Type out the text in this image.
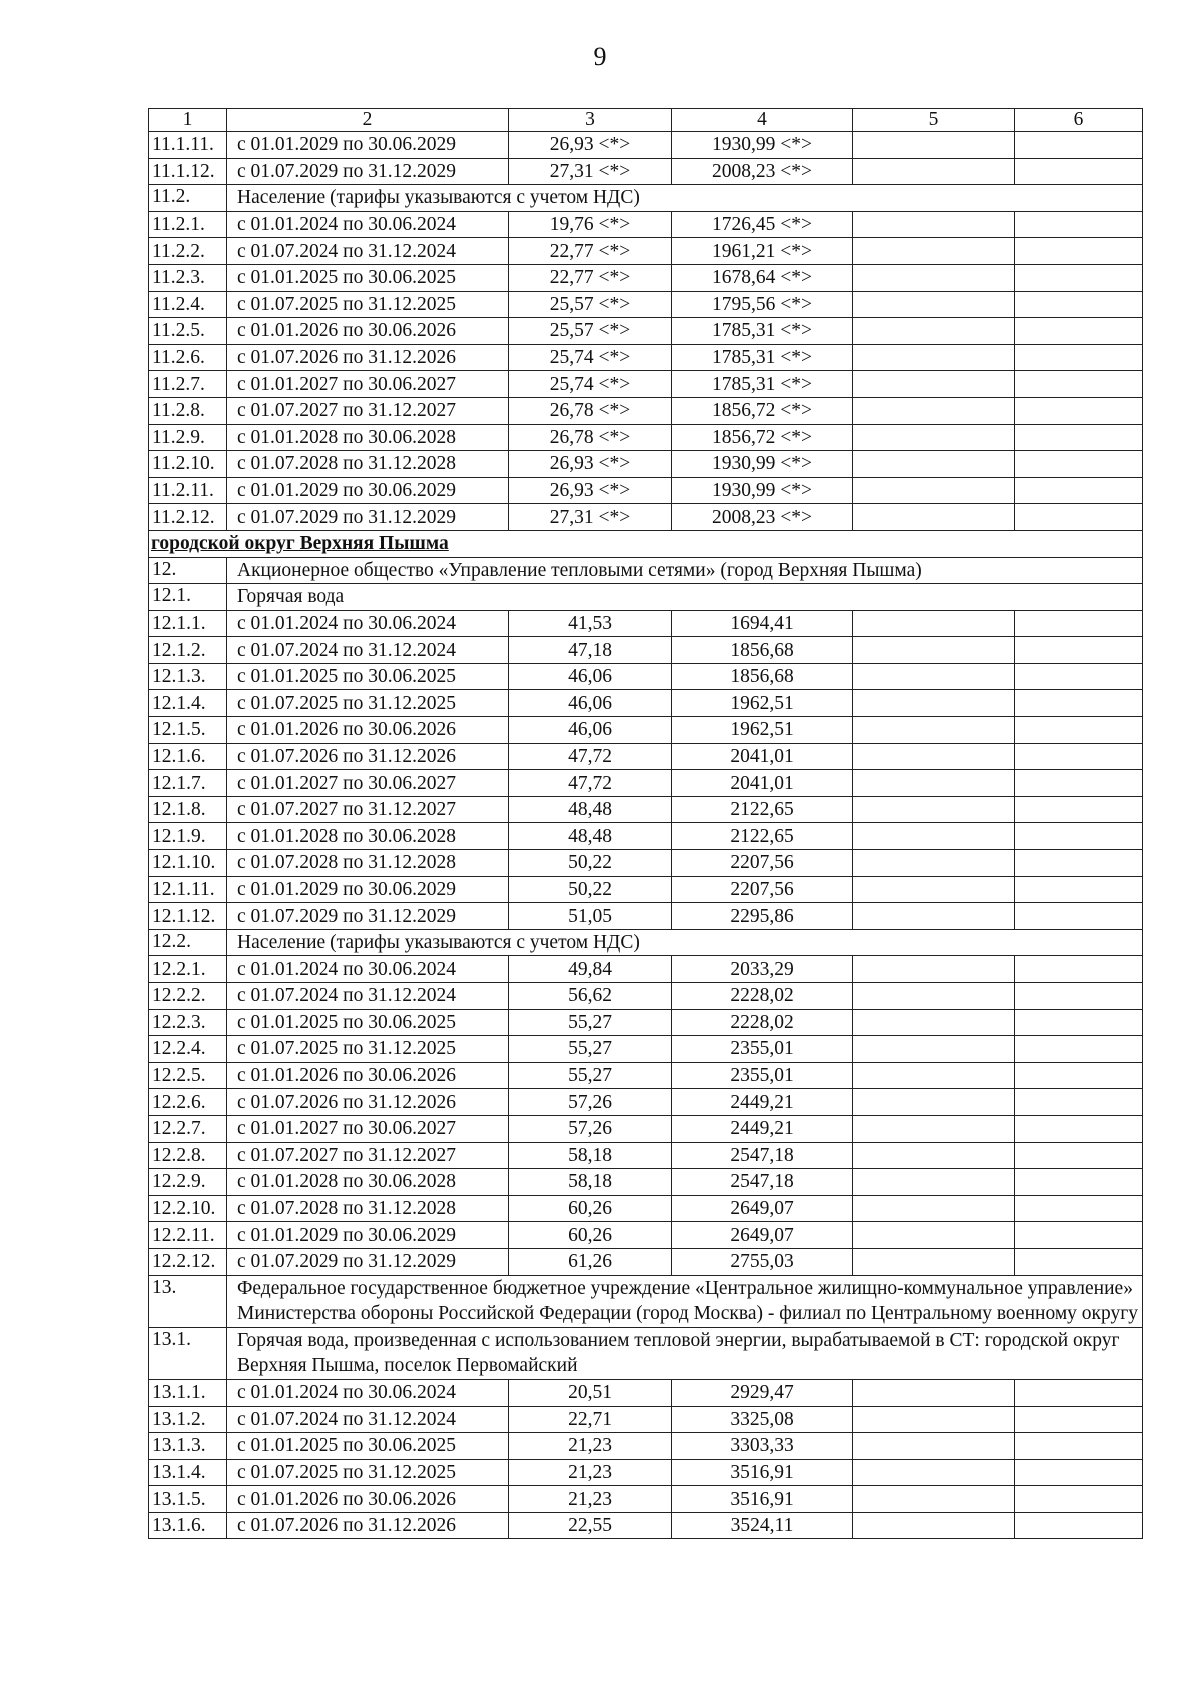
9
1	2	3	4	5	6
11.1.11.	с 01.01.2029 по 30.06.2029	26,93 <*>	1930,99 <*>		
11.1.12.	с 01.07.2029 по 31.12.2029	27,31 <*>	2008,23 <*>		
11.2.	Население (тарифы указываются с учетом НДС)				
11.2.1.	с 01.01.2024 по 30.06.2024	19,76 <*>	1726,45 <*>		
11.2.2.	с 01.07.2024 по 31.12.2024	22,77 <*>	1961,21 <*>		
11.2.3.	с 01.01.2025 по 30.06.2025	22,77 <*>	1678,64 <*>		
11.2.4.	с 01.07.2025 по 31.12.2025	25,57 <*>	1795,56 <*>		
11.2.5.	с 01.01.2026 по 30.06.2026	25,57 <*>	1785,31 <*>		
11.2.6.	с 01.07.2026 по 31.12.2026	25,74 <*>	1785,31 <*>		
11.2.7.	с 01.01.2027 по 30.06.2027	25,74 <*>	1785,31 <*>		
11.2.8.	с 01.07.2027 по 31.12.2027	26,78 <*>	1856,72 <*>		
11.2.9.	с 01.01.2028 по 30.06.2028	26,78 <*>	1856,72 <*>		
11.2.10.	с 01.07.2028 по 31.12.2028	26,93 <*>	1930,99 <*>		
11.2.11.	с 01.01.2029 по 30.06.2029	26,93 <*>	1930,99 <*>		
11.2.12.	с 01.07.2029 по 31.12.2029	27,31 <*>	2008,23 <*>		
городской округ Верхняя Пышма					
12.	Акционерное общество «Управление тепловыми сетями» (город Верхняя Пышма)				
12.1.	Горячая вода				
12.1.1.	с 01.01.2024 по 30.06.2024	41,53	1694,41		
12.1.2.	с 01.07.2024 по 31.12.2024	47,18	1856,68		
12.1.3.	с 01.01.2025 по 30.06.2025	46,06	1856,68		
12.1.4.	с 01.07.2025 по 31.12.2025	46,06	1962,51		
12.1.5.	с 01.01.2026 по 30.06.2026	46,06	1962,51		
12.1.6.	с 01.07.2026 по 31.12.2026	47,72	2041,01		
12.1.7.	с 01.01.2027 по 30.06.2027	47,72	2041,01		
12.1.8.	с 01.07.2027 по 31.12.2027	48,48	2122,65		
12.1.9.	с 01.01.2028 по 30.06.2028	48,48	2122,65		
12.1.10.	с 01.07.2028 по 31.12.2028	50,22	2207,56		
12.1.11.	с 01.01.2029 по 30.06.2029	50,22	2207,56		
12.1.12.	с 01.07.2029 по 31.12.2029	51,05	2295,86		
12.2.	Население (тарифы указываются с учетом НДС)				
12.2.1.	с 01.01.2024 по 30.06.2024	49,84	2033,29		
12.2.2.	с 01.07.2024 по 31.12.2024	56,62	2228,02		
12.2.3.	с 01.01.2025 по 30.06.2025	55,27	2228,02		
12.2.4.	с 01.07.2025 по 31.12.2025	55,27	2355,01		
12.2.5.	с 01.01.2026 по 30.06.2026	55,27	2355,01		
12.2.6.	с 01.07.2026 по 31.12.2026	57,26	2449,21		
12.2.7.	с 01.01.2027 по 30.06.2027	57,26	2449,21		
12.2.8.	с 01.07.2027 по 31.12.2027	58,18	2547,18		
12.2.9.	с 01.01.2028 по 30.06.2028	58,18	2547,18		
12.2.10.	с 01.07.2028 по 31.12.2028	60,26	2649,07		
12.2.11.	с 01.01.2029 по 30.06.2029	60,26	2649,07		
12.2.12.	с 01.07.2029 по 31.12.2029	61,26	2755,03		
13.	Федеральное государственное бюджетное учреждение «Центральное жилищно-коммунальное управление» Министерства обороны Российской Федерации (город Москва) - филиал по Центральному военному округу				
13.1.	Горячая вода, произведенная с использованием тепловой энергии, вырабатываемой в СТ: городской округ Верхняя Пышма, поселок Первомайский				
13.1.1.	с 01.01.2024 по 30.06.2024	20,51	2929,47		
13.1.2.	с 01.07.2024 по 31.12.2024	22,71	3325,08		
13.1.3.	с 01.01.2025 по 30.06.2025	21,23	3303,33		
13.1.4.	с 01.07.2025 по 31.12.2025	21,23	3516,91		
13.1.5.	с 01.01.2026 по 30.06.2026	21,23	3516,91		
13.1.6.	с 01.07.2026 по 31.12.2026	22,55	3524,11		
